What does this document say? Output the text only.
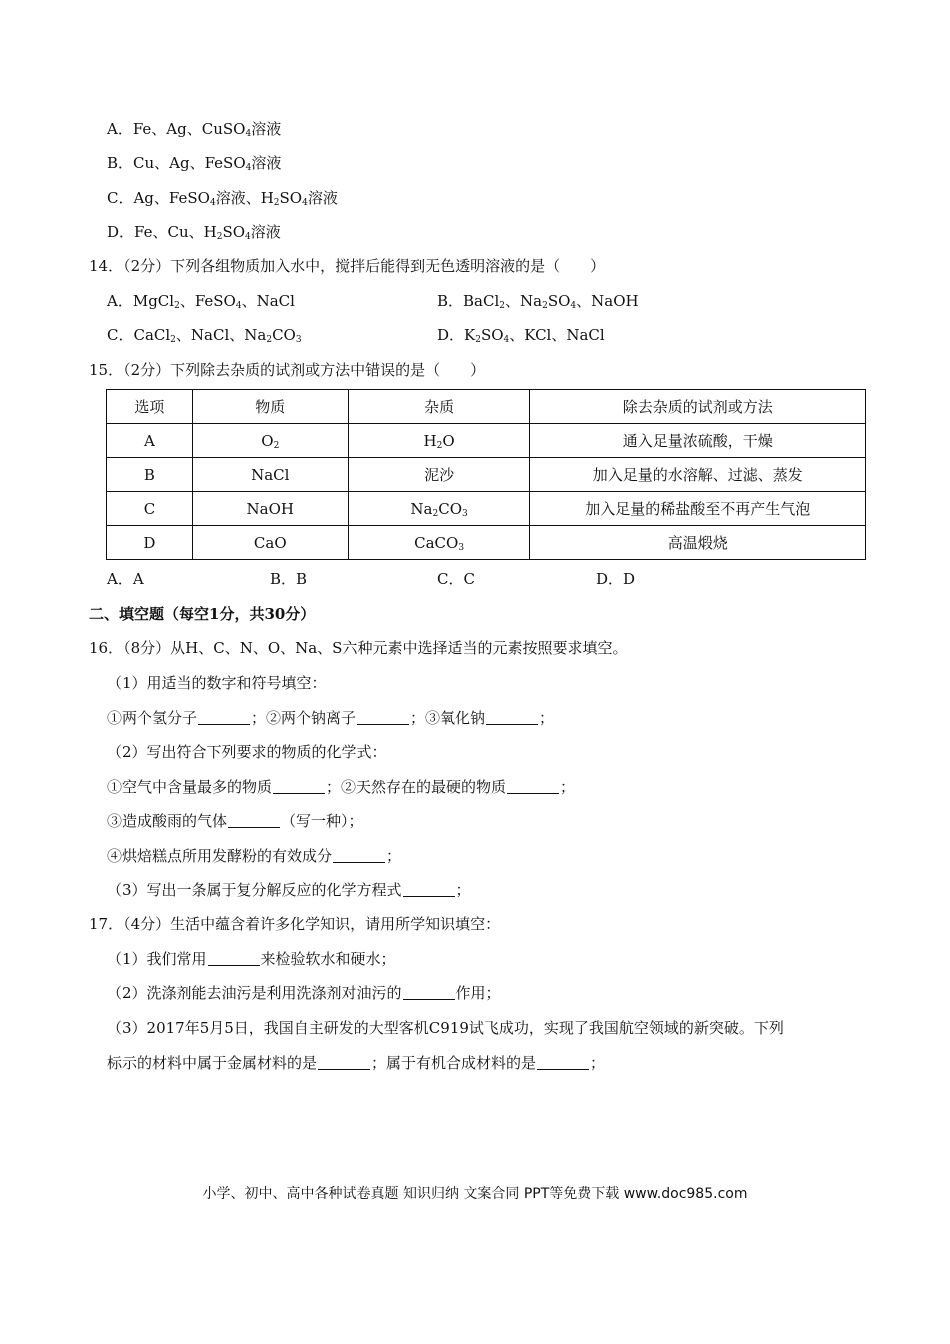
A．Fe、Ag、CuSO$_4$溶液
B．Cu、Ag、FeSO$_4$溶液
C．Ag、FeSO$_4$溶液、$H_2SO_4$溶液
D．Fe、Cu、$H_2SO_4$溶液
14．（2分）下列各组物质加入水中，搅拌后能得到无色透明溶液的是（　　）
A．MgCl$_2$、FeSO$_4$、NaCl	B．BaCl$_2$、$Na_2SO_4$、NaOH
C．CaCl$_2$、NaCl、$Na_2CO_3$	D．$K_2SO_4$、KCl、NaCl
15．（2分）下列除去杂质的试剂或方法中错误的是（　　）
选项	物质	杂质	除去杂质的试剂或方法
A	$O_2$	$H_2O$	通入足量浓硫酸，干燥
B	NaCl	泥沙	加入足量的水溶解、过滤、蒸发
C	NaOH	$Na_2CO_3$	加入足量的稀盐酸至不再产生气泡
D	CaO	CaCO$_3$	高温煅烧
A．A	B．B	C．C	D．D
二、填空题（每空1分，共30分）
16．（8分）从H、C、N、O、Na、S六种元素中选择适当的元素按照要求填空。
（1）用适当的数字和符号填空：
①两个氢分子	；②两个钠离子	；③氧化钠	；
（2）写出符合下列要求的物质的化学式：
①空气中含量最多的物质	；②天然存在的最硬的物质	；
③造成酸雨的气体	（写一种）；
④烘焙糕点所用发酵粉的有效成分	；
（3）写出一条属于复分解反应的化学方程式	；
17．（4分）生活中蕴含着许多化学知识，请用所学知识填空：
（1）我们常用	来检验软水和硬水；
（2）洗涤剂能去油污是利用洗涤剂对油污的	作用；
（3）2017年5月5日，我国自主研发的大型客机C919试飞成功，实现了我国航空领域的新突破。下列
标示的材料中属于金属材料的是	；属于有机合成材料的是	；
小学、初中、高中各种试卷真题 知识归纳 文案合同 PPT等免费下载 www.doc985.com
